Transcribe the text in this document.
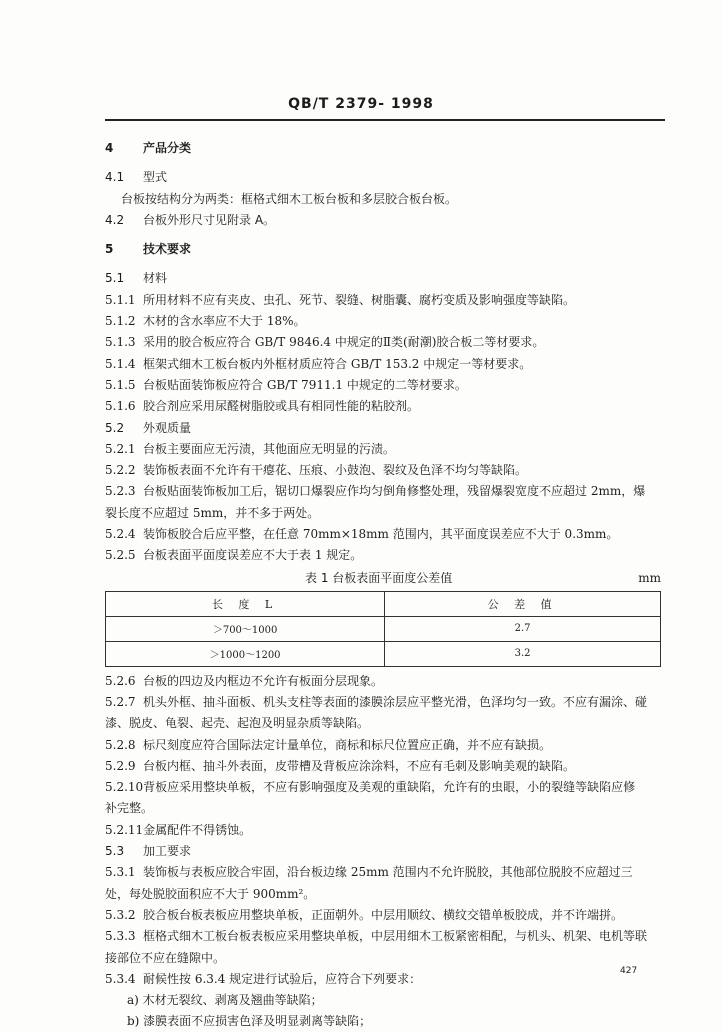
QB/T 2379- 1998
4 产品分类
4.1 型式
台板按结构分为两类：框格式细木工板台板和多层胶合板台板。
4.2 台板外形尺寸见附录 A。
5 技术要求
5.1 材料
5.1.1 所用材料不应有夹皮、虫孔、死节、裂缝、树脂囊、腐朽变质及影响强度等缺陷。
5.1.2 木材的含水率应不大于 18%。
5.1.3 采用的胶合板应符合 GB/T 9846.4 中规定的Ⅱ类(耐潮)胶合板二等材要求。
5.1.4 框架式细木工板台板内外框材质应符合 GB/T 153.2 中规定一等材要求。
5.1.5 台板贴面装饰板应符合 GB/T 7911.1 中规定的二等材要求。
5.1.6 胶合剂应采用尿醛树脂胶或具有相同性能的粘胶剂。
5.2 外观质量
5.2.1 台板主要面应无污渍，其他面应无明显的污渍。
5.2.2 装饰板表面不允许有干瘪花、压痕、小鼓泡、裂纹及色泽不均匀等缺陷。
5.2.3 台板贴面装饰板加工后，锯切口爆裂应作均匀倒角修整处理，残留爆裂宽度不应超过 2mm，爆
裂长度不应超过 5mm，并不多于两处。
5.2.4 装饰板胶合后应平整，在任意 70mm×18mm 范围内，其平面度误差应不大于 0.3mm。
5.2.5 台板表面平面度误差应不大于表 1 规定。
表 1 台板表面平面度公差值	mm
长 度 L	公 差 值
＞700～1000	2.7
＞1000～1200	3.2
5.2.6 台板的四边及内框边不允许有板面分层现象。
5.2.7 机头外框、抽斗面板、机头支柱等表面的漆膜涂层应平整光滑，色泽均匀一致。不应有漏涂、碰
漆、脱皮、龟裂、起壳、起泡及明显杂质等缺陷。
5.2.8 标尺刻度应符合国际法定计量单位，商标和标尺位置应正确，并不应有缺损。
5.2.9 台板内框、抽斗外表面，皮带槽及背板应涂涂料，不应有毛刺及影响美观的缺陷。
5.2.10背板应采用整块单板，不应有影响强度及美观的重缺陷，允许有的虫眼，小的裂缝等缺陷应修
补完整。
5.2.11金属配件不得锈蚀。
5.3 加工要求
5.3.1 装饰板与表板应胶合牢固，沿台板边缘 25mm 范围内不允许脱胶，其他部位脱胶不应超过三
处，每处脱胶面积应不大于 900mm²。
5.3.2 胶合板台板表板应用整块单板，正面朝外。中层用顺纹、横纹交错单板胶成，并不许端拼。
5.3.3 框格式细木工板台板表板应采用整块单板，中层用细木工板紧密相配，与机头、机架、电机等联
接部位不应在缝隙中。
5.3.4 耐候性按 6.3.4 规定进行试验后，应符合下列要求：
a) 木材无裂纹、剥离及翘曲等缺陷；
b) 漆膜表面不应损害色泽及明显剥离等缺陷；
427
